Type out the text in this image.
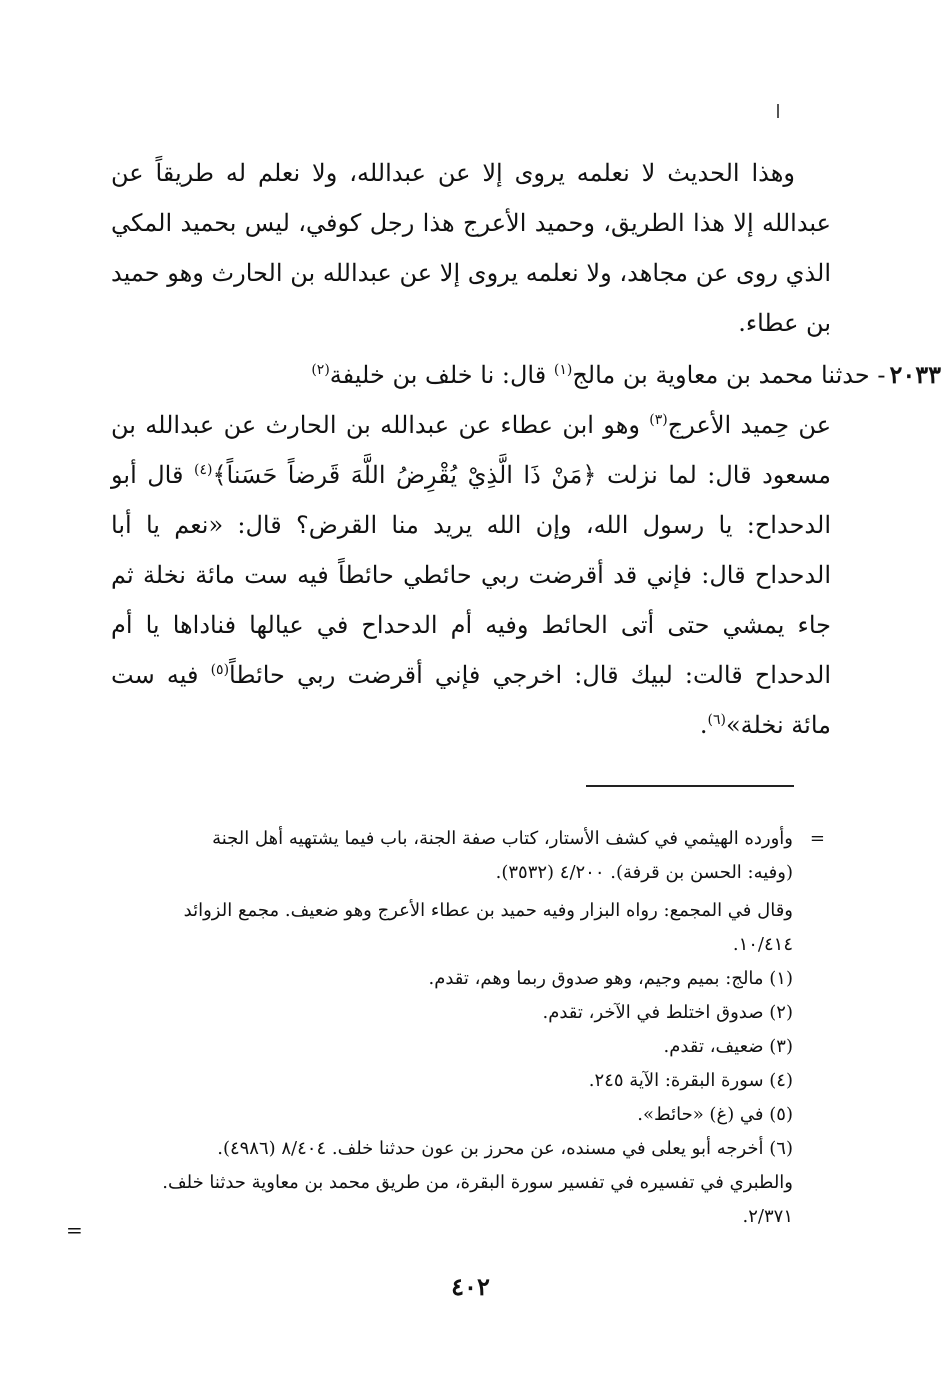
وهذا الحديث لا نعلمه يروى إلا عن عبدالله، ولا نعلم له طريقاً عن عبدالله إلا هذا الطريق، وحميد الأعرج هذا رجل كوفي، ليس بحميد المكي الذي روى عن مجاهد، ولا نعلمه يروى إلا عن عبدالله بن الحارث وهو حميد بن عطاء.

٢٠٣٣- حدثنا محمد بن معاوية بن مالج$^{(١)}$ قال: نا خلف بن خليفة$^{(٢)}$
عن حِميد الأعرج$^{(٣)}$ وهو ابن عطاء عن عبدالله بن الحارث عن عبدالله بن مسعود قال: لما نزلت ﴿مَنْ ذَا الَّذِيْ يُقْرِضُ اللَّهَ قَرضاً حَسَناً﴾$^{(٤)}$ قال أبو الدحداح: يا رسول الله، وإن الله يريد منا القرض؟ قال: «نعم يا أبا الدحداح قال: فإني قد أقرضت ربي حائطي حائطاً فيه ست مائة نخلة ثم جاء يمشي حتى أتى الحائط وفيه أم الدحداح في عيالها فناداها يا أم الدحداح قالت: لبيك قال: اخرجي فإني أقرضت ربي حائطاً$^{(٥)}$ فيه ست مائة نخلة»$^{(٦)}$.

=
وأورده الهيثمي في كشف الأستار، كتاب صفة الجنة، باب فيما يشتهيه أهل الجنة

(وفيه: الحسن بن قرفة). ٤/٢٠٠ (٣٥٣٢).

وقال في المجمع: رواه البزار وفيه حميد بن عطاء الأعرج وهو ضعيف. مجمع الزوائد

١٠/٤١٤.

(١) مالج: بميم وجيم، وهو صدوق ربما وهم، تقدم.

(٢) صدوق اختلط في الآخر، تقدم.

(٣) ضعيف، تقدم.

(٤) سورة البقرة: الآية ٢٤٥.

(٥) في (غ) «حائط».

(٦) أخرجه أبو يعلى في مسنده، عن محرز بن عون حدثنا خلف. ٨/٤٠٤ (٤٩٨٦).

والطبري في تفسيره في تفسير سورة البقرة، من طريق محمد بن معاوية حدثنا خلف.

٢/٣٧١.

=
٤٠٢
